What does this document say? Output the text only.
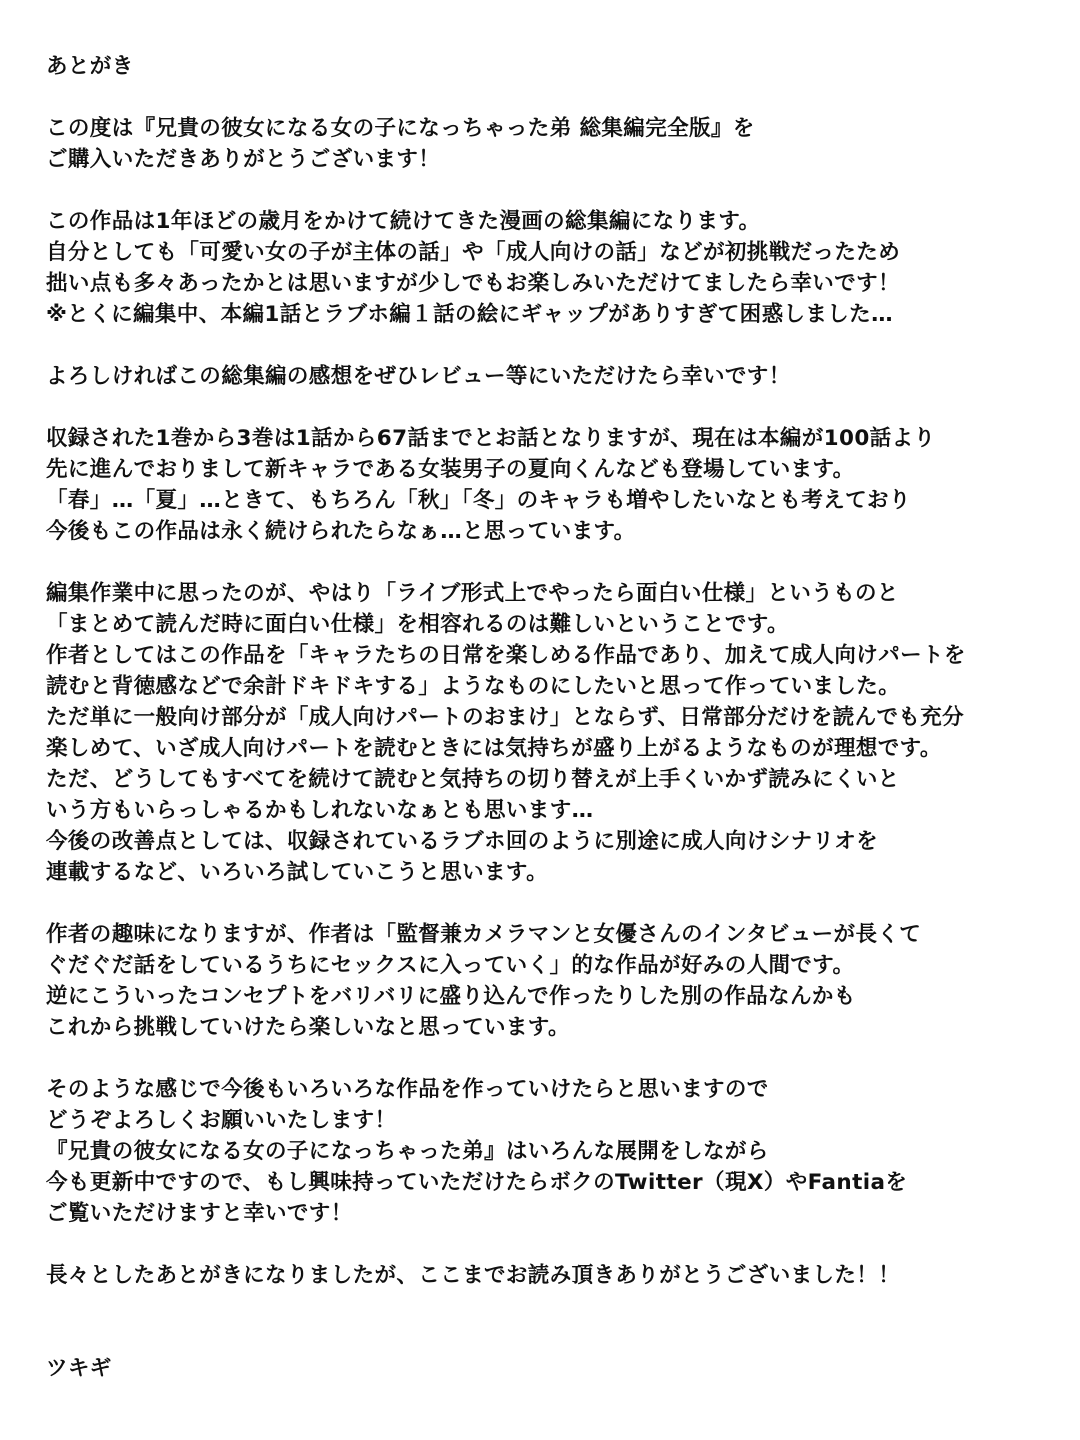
あとがき
この度は『兄貴の彼女になる女の子になっちゃった弟 総集編完全版』を
ご購入いただきありがとうございます！
この作品は1年ほどの歳月をかけて続けてきた漫画の総集編になります。
自分としても「可愛い女の子が主体の話」や「成人向けの話」などが初挑戦だったため
拙い点も多々あったかとは思いますが少しでもお楽しみいただけてましたら幸いです！
※とくに編集中、本編1話とラブホ編１話の絵にギャップがありすぎて困惑しました…
よろしければこの総集編の感想をぜひレビュー等にいただけたら幸いです！
収録された1巻から3巻は1話から67話までとお話となりますが、現在は本編が100話より
先に進んでおりまして新キャラである女装男子の夏向くんなども登場しています。
「春」…「夏」…ときて、もちろん「秋」「冬」のキャラも増やしたいなとも考えており
今後もこの作品は永く続けられたらなぁ…と思っています。
編集作業中に思ったのが、やはり「ライブ形式上でやったら面白い仕様」というものと
「まとめて読んだ時に面白い仕様」を相容れるのは難しいということです。
作者としてはこの作品を「キャラたちの日常を楽しめる作品であり、加えて成人向けパートを
読むと背徳感などで余計ドキドキする」ようなものにしたいと思って作っていました。
ただ単に一般向け部分が「成人向けパートのおまけ」とならず、日常部分だけを読んでも充分
楽しめて、いざ成人向けパートを読むときには気持ちが盛り上がるようなものが理想です。
ただ、どうしてもすべてを続けて読むと気持ちの切り替えが上手くいかず読みにくいと
いう方もいらっしゃるかもしれないなぁとも思います…
今後の改善点としては、収録されているラブホ回のように別途に成人向けシナリオを
連載するなど、いろいろ試していこうと思います。
作者の趣味になりますが、作者は「監督兼カメラマンと女優さんのインタビューが長くて
ぐだぐだ話をしているうちにセックスに入っていく」的な作品が好みの人間です。
逆にこういったコンセプトをバリバリに盛り込んで作ったりした別の作品なんかも
これから挑戦していけたら楽しいなと思っています。
そのような感じで今後もいろいろな作品を作っていけたらと思いますので
どうぞよろしくお願いいたします！
『兄貴の彼女になる女の子になっちゃった弟』はいろんな展開をしながら
今も更新中ですので、もし興味持っていただけたらボクのTwitter（現X）やFantiaを
ご覧いただけますと幸いです！
長々としたあとがきになりましたが、ここまでお読み頂きありがとうございました！！
ツキギ
